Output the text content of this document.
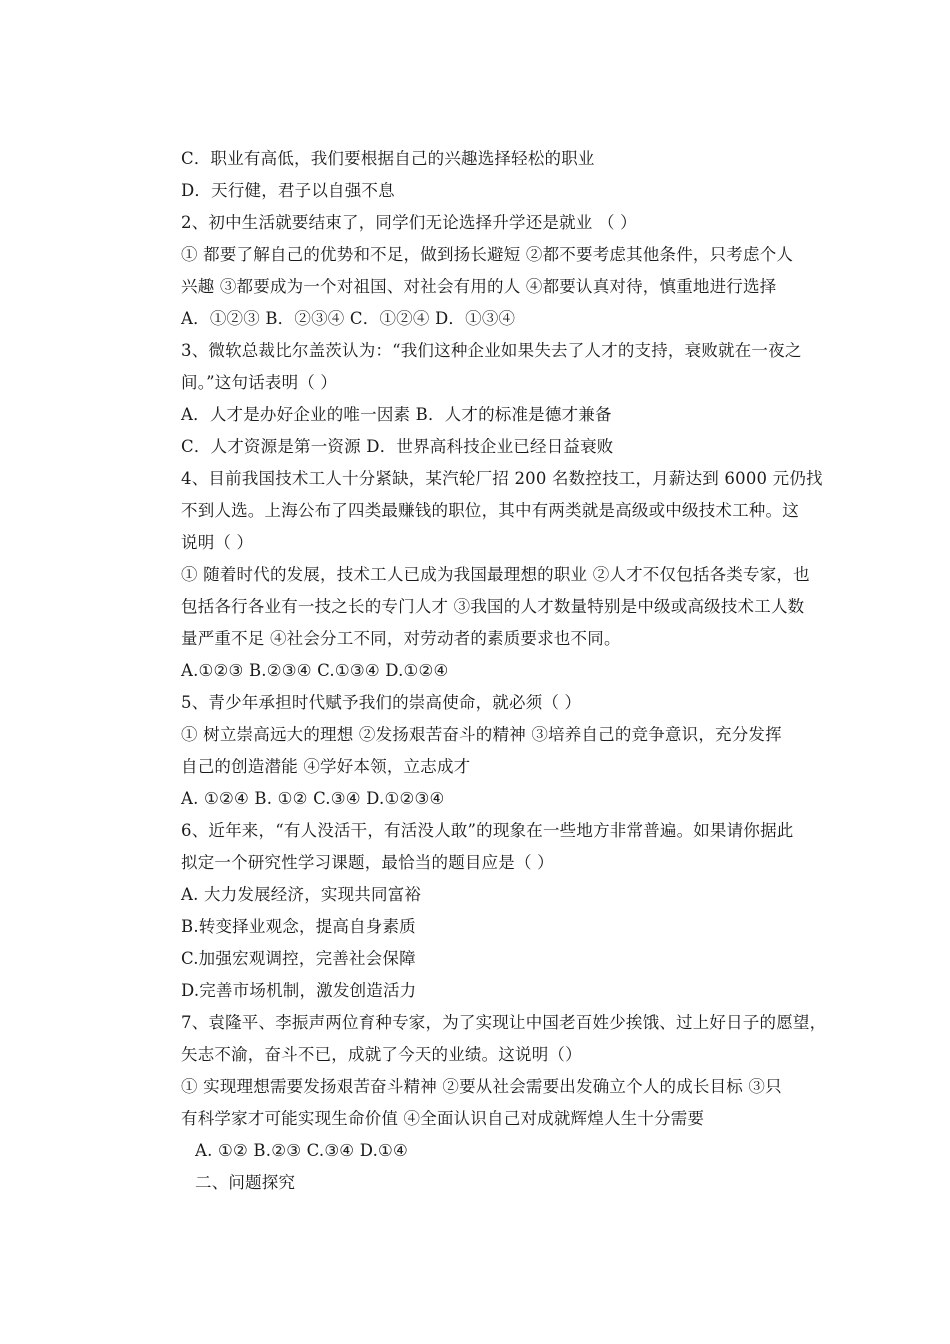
C．职业有高低，我们要根据自己的兴趣选择轻松的职业
D．天行健，君子以自强不息
2、初中生活就要结束了，同学们无论选择升学还是就业 （ ）
① 都要了解自己的优势和不足，做到扬长避短 ②都不要考虑其他条件，只考虑个人
兴趣 ③都要成为一个对祖国、对社会有用的人 ④都要认真对待，慎重地进行选择
A．①②③ B．②③④ C．①②④ D．①③④
3、微软总裁比尔盖茨认为：“我们这种企业如果失去了人才的支持，衰败就在一夜之
间。”这句话表明（ ）
A．人才是办好企业的唯一因素 B．人才的标准是德才兼备
C．人才资源是第一资源 D．世界高科技企业已经日益衰败
4、目前我国技术工人十分紧缺，某汽轮厂招 200 名数控技工，月薪达到 6000 元仍找
不到人选。上海公布了四类最赚钱的职位，其中有两类就是高级或中级技术工种。这
说明（ ）
① 随着时代的发展，技术工人已成为我国最理想的职业 ②人才不仅包括各类专家，也
包括各行各业有一技之长的专门人才 ③我国的人才数量特别是中级或高级技术工人数
量严重不足 ④社会分工不同，对劳动者的素质要求也不同。
A.①②③ B.②③④ C.①③④ D.①②④
5、青少年承担时代赋予我们的崇高使命，就必须（ ）
① 树立崇高远大的理想 ②发扬艰苦奋斗的精神 ③培养自己的竞争意识，充分发挥
自己的创造潜能 ④学好本领，立志成才
A. ①②④ B. ①② C.③④ D.①②③④
6、近年来，“有人没活干，有活没人敢”的现象在一些地方非常普遍。如果请你据此
拟定一个研究性学习课题，最恰当的题目应是（ ）
A. 大力发展经济，实现共同富裕
B.转变择业观念，提高自身素质
C.加强宏观调控，完善社会保障
D.完善市场机制，激发创造活力
7、袁隆平、李振声两位育种专家，为了实现让中国老百姓少挨饿、过上好日子的愿望，
矢志不渝，奋斗不已，成就了今天的业绩。这说明（）
① 实现理想需要发扬艰苦奋斗精神 ②要从社会需要出发确立个人的成长目标 ③只
有科学家才可能实现生命价值 ④全面认识自己对成就辉煌人生十分需要
A. ①② B.②③ C.③④ D.①④
二、问题探究
